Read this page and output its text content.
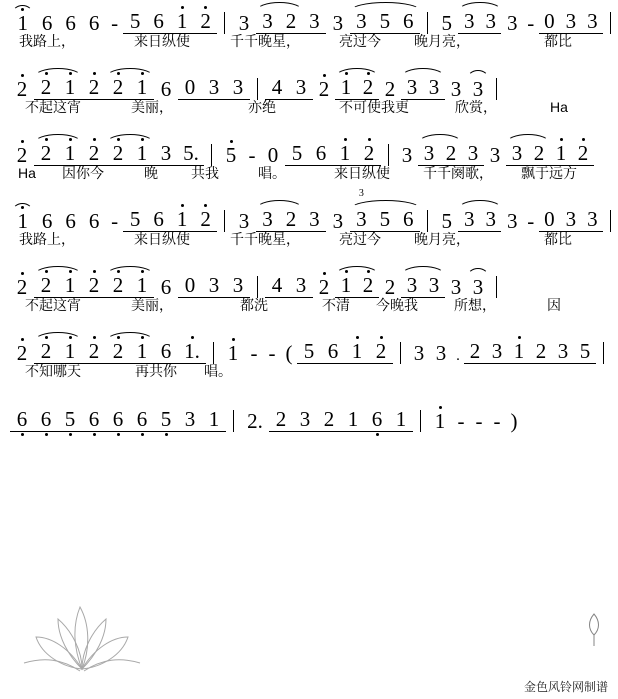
1 6 6 6 - 5 6 1 2	3 3 2 3 3 3 5 6	5 3 3 3 - 0 3 3
我路上，	来日纵使	千千晚星，	亮过今	晚月亮，	都比
2 2 1 2 2 1 6 0 3 3	4 3 2 1 2 2 3 3 3 3
不起这宵	美丽，	亦绝	不可使我更	欣赏，	Ha
2 2 1 2 2 1 3 5.	5 - 0 5 6 1 2	3 3 2 3 3 3 2 1 2
Ha	因你今	晚	共我	唱。	来日纵使 千千阕歌，	飘于远方
1 6 6 6 - 5 6 1 2	3 3 2 3 3
3
3 5 6	5 3 3 3 - 0 3 3
我路上，	来日纵使	千千晚星，	亮过今	晚月亮，	都比
2 2 1 2 2 1 6 0 3 3	4 3 2 1 2 2 3 3 3 3
不起这宵	美丽，	都洗	不清	今晚我	所想，	因
2 2 1 2 2 1 6 1.	1 - - ( 5 6 1 2	3 3 . 2 3 1 2 3 5
不知哪天	再共你	唱。
6 6 5 6 6 6 5 3 1	2. 2 3 2 1 6 1	1 - - - )
金色风铃网制谱
